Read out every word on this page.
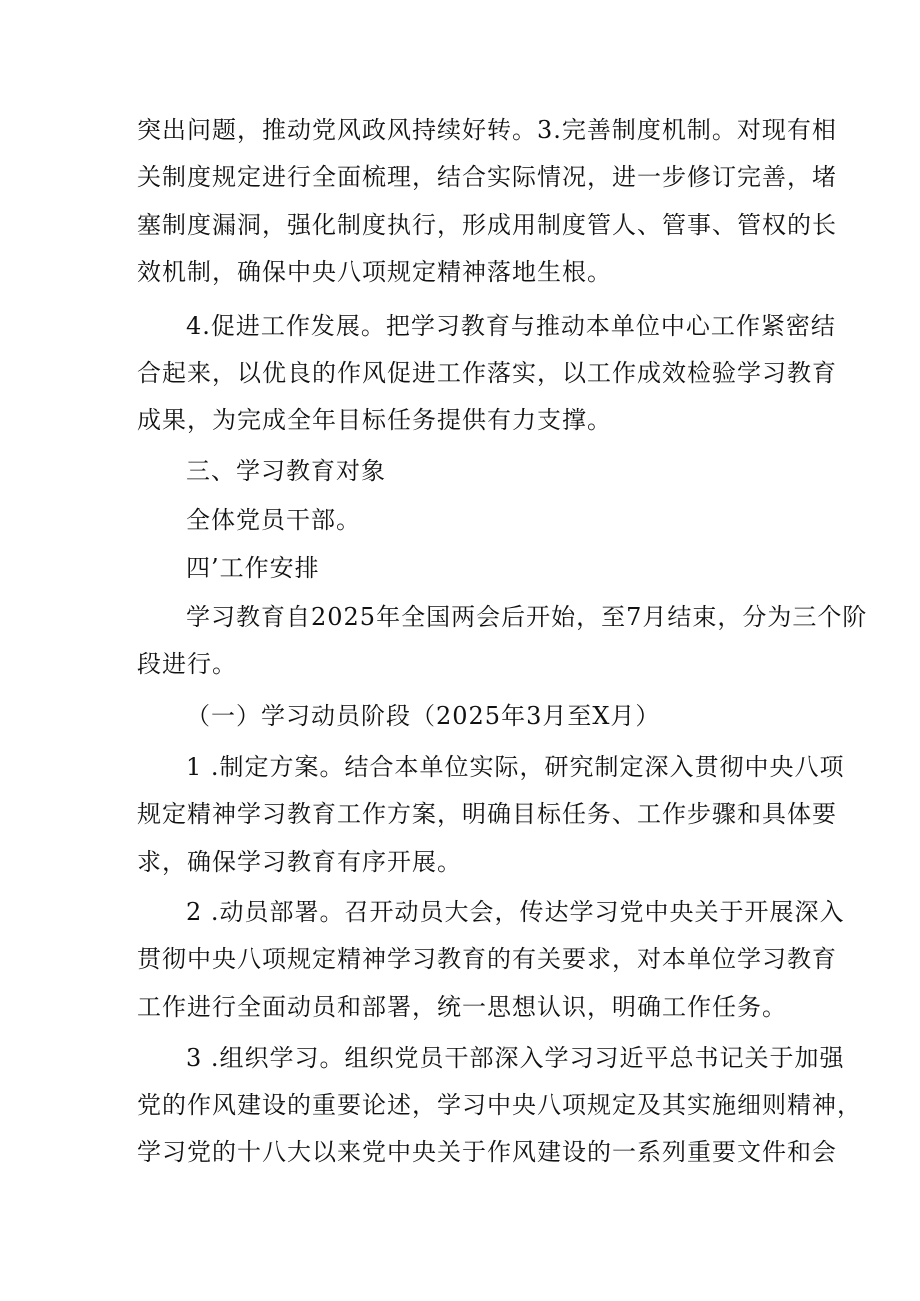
突出问题，推动党风政风持续好转。3.完善制度机制。对现有相
关制度规定进行全面梳理，结合实际情况，进一步修订完善，堵
塞制度漏洞，强化制度执行，形成用制度管人、管事、管权的长
效机制，确保中央八项规定精神落地生根。
4.促进工作发展。把学习教育与推动本单位中心工作紧密结
合起来，以优良的作风促进工作落实，以工作成效检验学习教育
成果，为完成全年目标任务提供有力支撑。
三、学习教育对象
全体党员干部。
四’工作安排
学习教育自2025年全国两会后开始，至7月结束，分为三个阶
段进行。
（一）学习动员阶段（2025年3月至X月）
1 .制定方案。结合本单位实际，研究制定深入贯彻中央八项
规定精神学习教育工作方案，明确目标任务、工作步骤和具体要
求，确保学习教育有序开展。
2 .动员部署。召开动员大会，传达学习党中央关于开展深入
贯彻中央八项规定精神学习教育的有关要求，对本单位学习教育
工作进行全面动员和部署，统一思想认识，明确工作任务。
3 .组织学习。组织党员干部深入学习习近平总书记关于加强
党的作风建设的重要论述，学习中央八项规定及其实施细则精神，
学习党的十八大以来党中央关于作风建设的一系列重要文件和会
